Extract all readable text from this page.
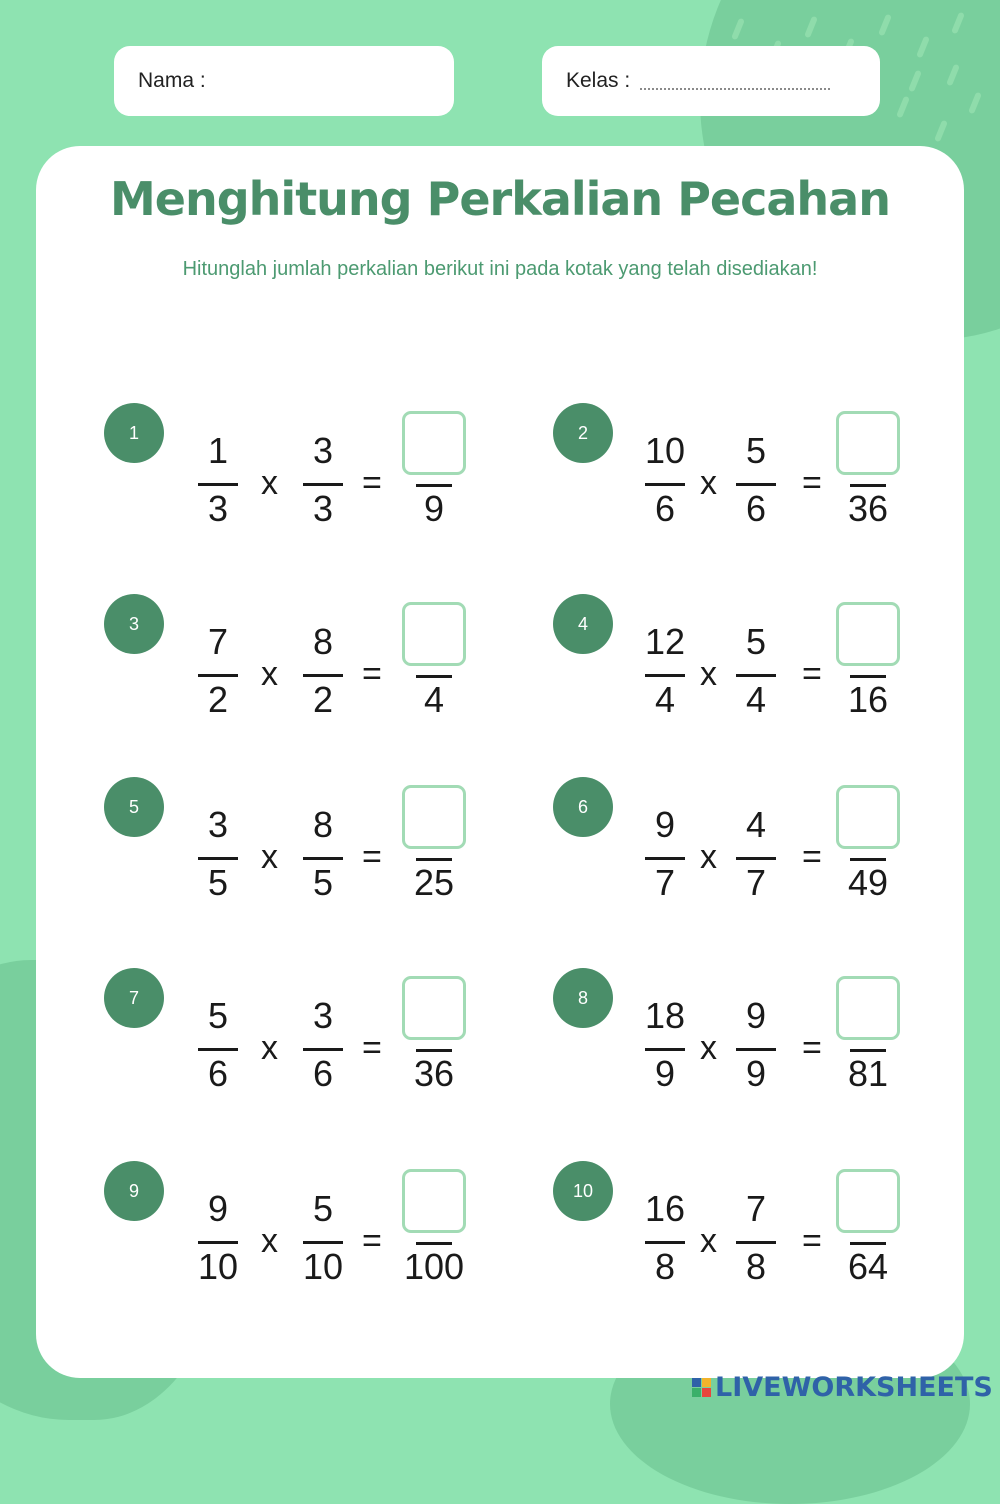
Nama :	Kelas :
Menghitung Perkalian Pecahan
Hitunglah jumlah perkalian berikut ini pada kotak yang telah disediakan!
1	1
3
x
3
3
=
9
2	10
6
x
5
6
=
36
3	7
2
x
8
2
=
4
4	12
4
x
5
4
=
16
5	3
5
x
8
5
=
25
6	9
7
x
4
7
=
49
7	5
6
x
3
6
=
36
8	18
9
x
9
9
=
81
9	9
10
x
5
10
=
100
10	16
8
x
7
8
=
64
LIVEWORKSHEETS
